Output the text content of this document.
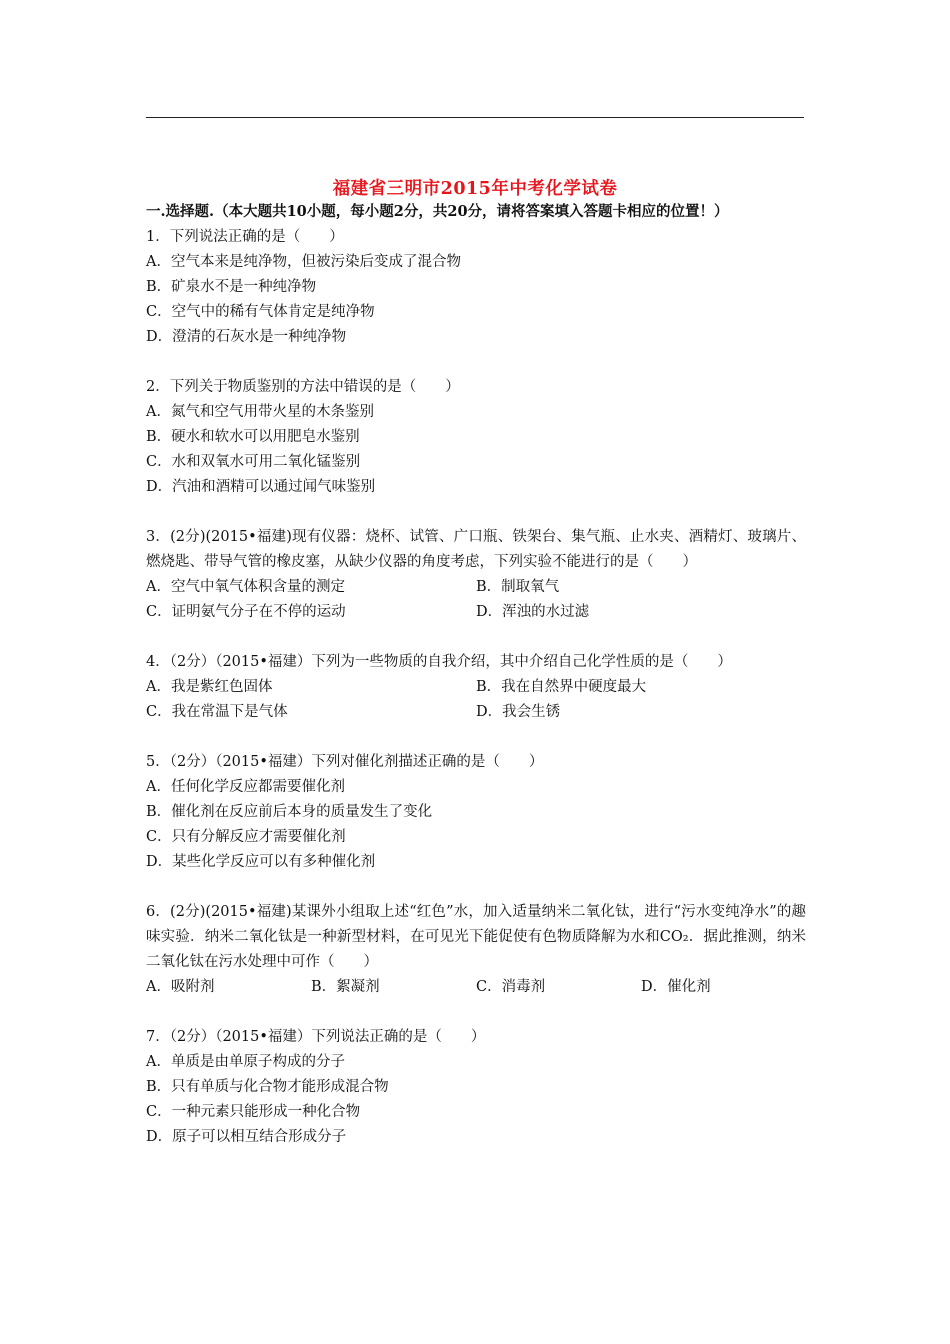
福建省三明市2015年中考化学试卷
一.选择题.（本大题共10小题，每小题2分，共20分，请将答案填入答题卡相应的位置！）
1．下列说法正确的是（　　）
A．空气本来是纯净物，但被污染后变成了混合物
B．矿泉水不是一种纯净物
C．空气中的稀有气体肯定是纯净物
D．澄清的石灰水是一种纯净物
2．下列关于物质鉴别的方法中错误的是（　　）
A．氮气和空气用带火星的木条鉴别
B．硬水和软水可以用肥皂水鉴别
C．水和双氧水可用二氧化锰鉴别
D．汽油和酒精可以通过闻气味鉴别
3．(2分)(2015•福建)现有仪器：烧杯、试管、广口瓶、铁架台、集气瓶、止水夹、酒精灯、玻璃片、燃烧匙、带导气管的橡皮塞，从缺少仪器的角度考虑，下列实验不能进行的是（　　）
A．空气中氧气体积含量的测定	B．制取氧气
C．证明氨气分子在不停的运动	D．浑浊的水过滤
4．（2分）（2015•福建）下列为一些物质的自我介绍，其中介绍自己化学性质的是（　　）
A．我是紫红色固体	B．我在自然界中硬度最大
C．我在常温下是气体	D．我会生锈
5．（2分）（2015•福建）下列对催化剂描述正确的是（　　）
A．任何化学反应都需要催化剂
B．催化剂在反应前后本身的质量发生了变化
C．只有分解反应才需要催化剂
D．某些化学反应可以有多种催化剂
6．(2分)(2015•福建)某课外小组取上述“红色”水，加入适量纳米二氧化钛，进行“污水变纯净水”的趣味实验．纳米二氧化钛是一种新型材料，在可见光下能促使有色物质降解为水和CO₂．据此推测，纳米二氧化钛在污水处理中可作（　　）
A．吸附剂	B．絮凝剂	C．消毒剂	D．催化剂
7．（2分）（2015•福建）下列说法正确的是（　　）
A．单质是由单原子构成的分子
B．只有单质与化合物才能形成混合物
C．一种元素只能形成一种化合物
D．原子可以相互结合形成分子
